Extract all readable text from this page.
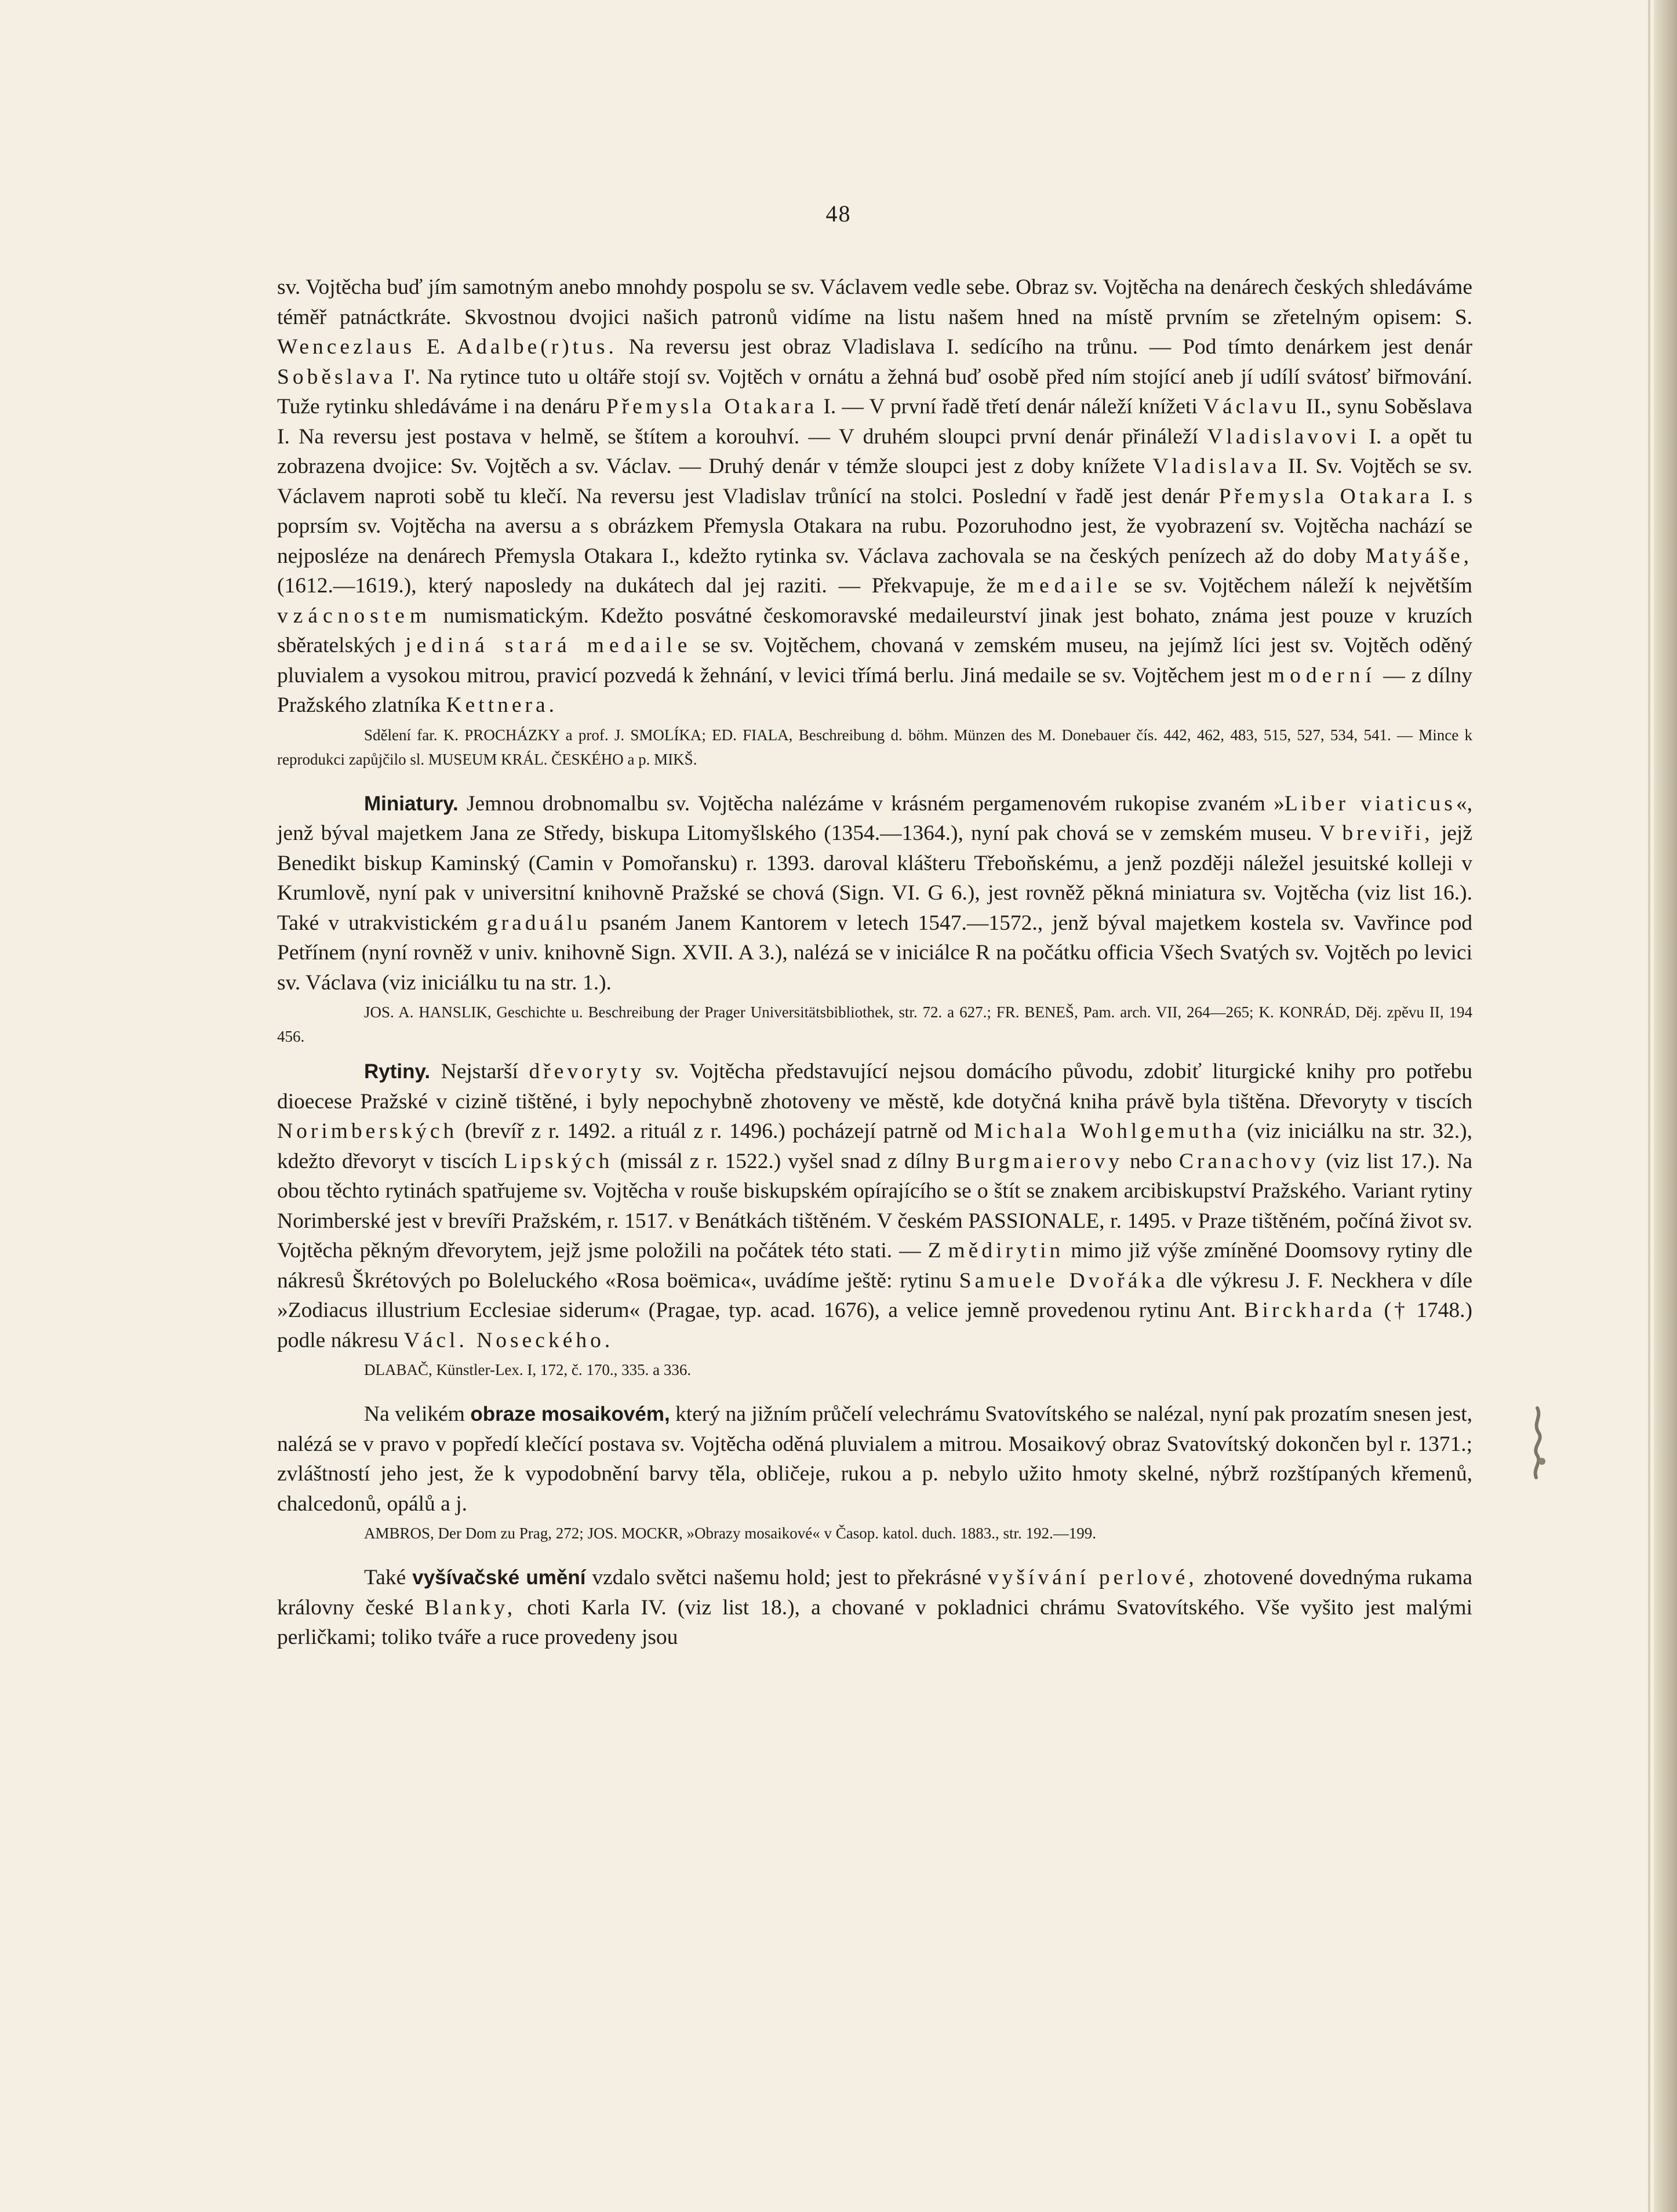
48

sv. Vojtěcha buď jím samotným anebo mnohdy pospolu se sv. Václavem vedle sebe. Obraz sv. Vojtěcha na denárech českých shledáváme téměř patnáctkráte. Skvostnou dvojici našich patronů vidíme na listu našem hned na místě prvním se zřetelným opisem: S. Wencezlaus E. Adalbe(r)tus. Na reversu jest obraz Vladislava I. sedícího na trůnu. — Pod tímto denárkem jest denár Soběslava I'. Na rytince tuto u oltáře stojí sv. Vojtěch v ornátu a žehná buď osobě před ním stojící aneb jí udílí svátosť biřmování. Tuže rytinku shledáváme i na denáru Přemysla Otakara I. — V první řadě třetí denár náleží knížeti Václavu II., synu Soběslava I. Na reversu jest postava v helmě, se štítem a korouhví. — V druhém sloupci první denár přináleží Vladislavovi I. a opět tu zobrazena dvojice: Sv. Vojtěch a sv. Václav. — Druhý denár v témže sloupci jest z doby knížete Vladislava II. Sv. Vojtěch se sv. Václavem naproti sobě tu klečí. Na reversu jest Vladislav trůnící na stolci. Poslední v řadě jest denár Přemysla Otakara I. s poprsím sv. Vojtěcha na aversu a s obrázkem Přemysla Otakara na rubu. Pozoruhodno jest, že vyobrazení sv. Vojtěcha nachází se nejposléze na denárech Přemysla Otakara I., kdežto rytinka sv. Václava zachovala se na českých penízech až do doby Matyáše, (1612.—1619.), který naposledy na dukátech dal jej raziti. — Překvapuje, že medaile se sv. Vojtěchem náleží k největším vzácnostem numismatickým. Kdežto posvátné českomoravské medaileurství jinak jest bohato, známa jest pouze v kruzích sběratelských jediná stará medaile se sv. Vojtěchem, chovaná v zemském museu, na jejímž líci jest sv. Vojtěch oděný pluvialem a vysokou mitrou, pravicí pozvedá k žehnání, v levici třímá berlu. Jiná medaile se sv. Vojtěchem jest moderní — z dílny Pražského zlatníka Kettnera.

Sdělení far. K. PROCHÁZKY a prof. J. SMOLÍKA; ED. FIALA, Beschreibung d. böhm. Münzen des M. Donebauer čís. 442, 462, 483, 515, 527, 534, 541. — Mince k reprodukci zapůjčilo sl. MUSEUM KRÁL. ČESKÉHO a p. MIKŠ.

Miniatury. Jemnou drobnomalbu sv. Vojtěcha nalézáme v krásném pergamenovém rukopise zvaném »Liber viaticus«, jenž býval majetkem Jana ze Středy, biskupa Litomyšlského (1354.—1364.), nyní pak chová se v zemském museu. V breviři, jejž Benedikt biskup Kaminský (Camin v Pomořansku) r. 1393. daroval klášteru Třeboňskému, a jenž později náležel jesuitské kolleji v Krumlově, nyní pak v universitní knihovně Pražské se chová (Sign. VI. G 6.), jest rovněž pěkná miniatura sv. Vojtěcha (viz list 16.). Také v utrakvistickém graduálu psaném Janem Kantorem v letech 1547.—1572., jenž býval majetkem kostela sv. Vavřince pod Petřínem (nyní rovněž v univ. knihovně Sign. XVII. A 3.), nalézá se v iniciálce R na počátku officia Všech Svatých sv. Vojtěch po levici sv. Václava (viz iniciálku tu na str. 1.).

JOS. A. HANSLIK, Geschichte u. Beschreibung der Prager Universitätsbibliothek, str. 72. a 627.; FR. BENEŠ, Pam. arch. VII, 264—265; K. KONRÁD, Děj. zpěvu II, 194 456.

Rytiny. Nejstarší dřevoryty sv. Vojtěcha představující nejsou domácího původu, zdobiť liturgické knihy pro potřebu dioecese Pražské v cizině tištěné, i byly nepochybně zhotoveny ve městě, kde dotyčná kniha právě byla tištěna. Dřevoryty v tiscích Norimberských (brevíř z r. 1492. a rituál z r. 1496.) pocházejí patrně od Michala Wohlgemutha (viz iniciálku na str. 32.), kdežto dřevoryt v tiscích Lipských (missál z r. 1522.) vyšel snad z dílny Burgmaierovy nebo Cranachovy (viz list 17.). Na obou těchto rytinách spatřujeme sv. Vojtěcha v rouše biskupském opírajícího se o štít se znakem arcibiskupství Pražského. Variant rytiny Norimberské jest v brevíři Pražském, r. 1517. v Benátkách tištěném. V českém PASSIONALE, r. 1495. v Praze tištěném, počíná život sv. Vojtěcha pěkným dřevorytem, jejž jsme položili na počátek této stati. — Z mědirytin mimo již výše zmíněné Doomsovy rytiny dle nákresů Škrétových po Boleluckého «Rosa boëmica«, uvádíme ještě: rytinu Samuele Dvořáka dle výkresu J. F. Neckhera v díle »Zodiacus illustrium Ecclesiae siderum« (Pragae, typ. acad. 1676), a velice jemně provedenou rytinu Ant. Birckharda († 1748.) podle nákresu Václ. Noseckého.

DLABAČ, Künstler-Lex. I, 172, č. 170., 335. a 336.

Na velikém obraze mosaikovém, který na jižním průčelí velechrámu Svatovítského se nalézal, nyní pak prozatím snesen jest, nalézá se v pravo v popředí klečící postava sv. Vojtěcha oděná pluvialem a mitrou. Mosaikový obraz Svatovítský dokončen byl r. 1371.; zvláštností jeho jest, že k vypodobnění barvy těla, obličeje, rukou a p. nebylo užito hmoty skelné, nýbrž rozštípaných křemenů, chalcedonů, opálů a j.

AMBROS, Der Dom zu Prag, 272; JOS. MOCKR, »Obrazy mosaikové« v Časop. katol. duch. 1883., str. 192.—199.

Také vyšívačské umění vzdalo světci našemu hold; jest to překrásné vyšívání perlové, zhotovené dovednýma rukama královny české Blanky, choti Karla IV. (viz list 18.), a chované v pokladnici chrámu Svatovítského. Vše vyšito jest malými perličkami; toliko tváře a ruce provedeny jsou
